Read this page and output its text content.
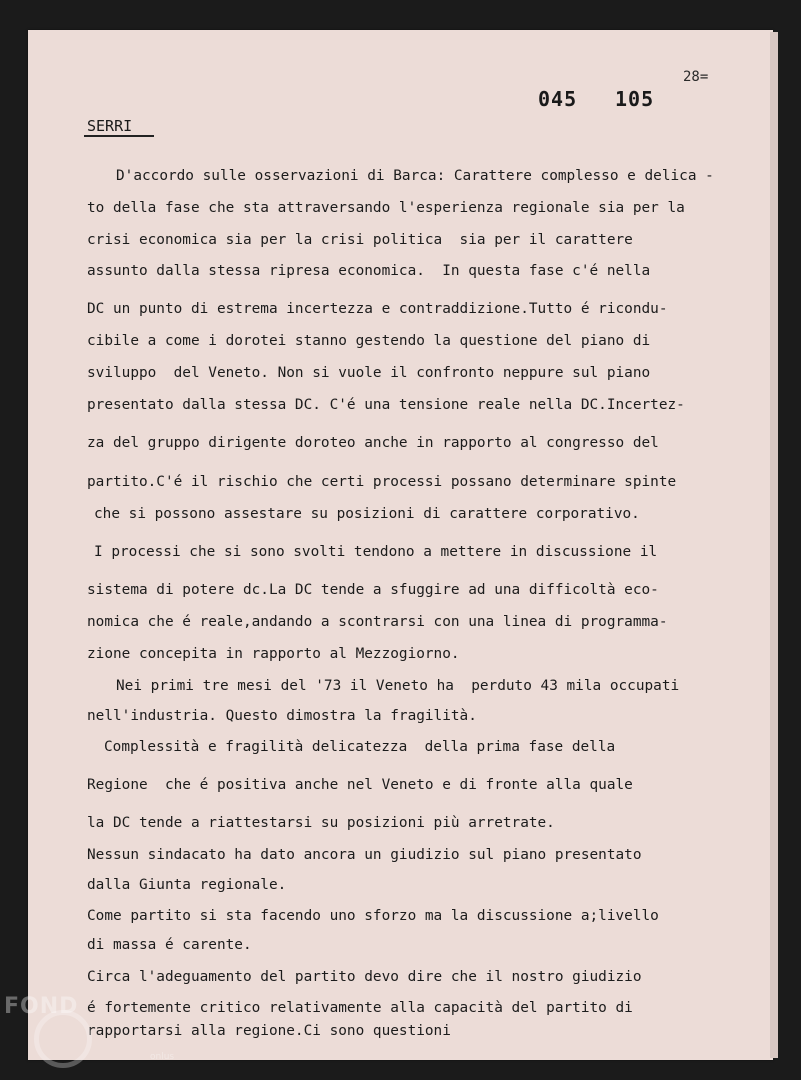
28=
045 105
SERRI
D'accordo sulle osservazioni di Barca: Carattere complesso e delica -
to della fase che sta attraversando l'esperienza regionale sia per la
crisi economica sia per la crisi politica  sia per il carattere
assunto dalla stessa ripresa economica.  In questa fase c'é nella
DC un punto di estrema incertezza e contraddizione.Tutto é ricondu-
cibile a come i dorotei stanno gestendo la questione del piano di
sviluppo  del Veneto. Non si vuole il confronto neppure sul piano
presentato dalla stessa DC. C'é una tensione reale nella DC.Incertez-
za del gruppo dirigente doroteo anche in rapporto al congresso del
partito.C'é il rischio che certi processi possano determinare spinte
che si possono assestare su posizioni di carattere corporativo.
I processi che si sono svolti tendono a mettere in discussione il
sistema di potere dc.La DC tende a sfuggire ad una difficoltà eco-
nomica che é reale,andando a scontrarsi con una linea di programma-
zione concepita in rapporto al Mezzogiorno.
Nei primi tre mesi del '73 il Veneto ha  perduto 43 mila occupati
nell'industria. Questo dimostra la fragilità.
Complessità e fragilità delicatezza  della prima fase della
Regione  che é positiva anche nel Veneto e di fronte alla quale
la DC tende a riattestarsi su posizioni più arretrate.
Nessun sindacato ha dato ancora un giudizio sul piano presentato
dalla Giunta regionale.
Come partito si sta facendo uno sforzo ma la discussione a;livello
di massa é carente.
Circa l'adeguamento del partito devo dire che il nostro giudizio
é fortemente critico relativamente alla capacità del partito di
rapportarsi alla regione.Ci sono questioni
FOND
onlus
